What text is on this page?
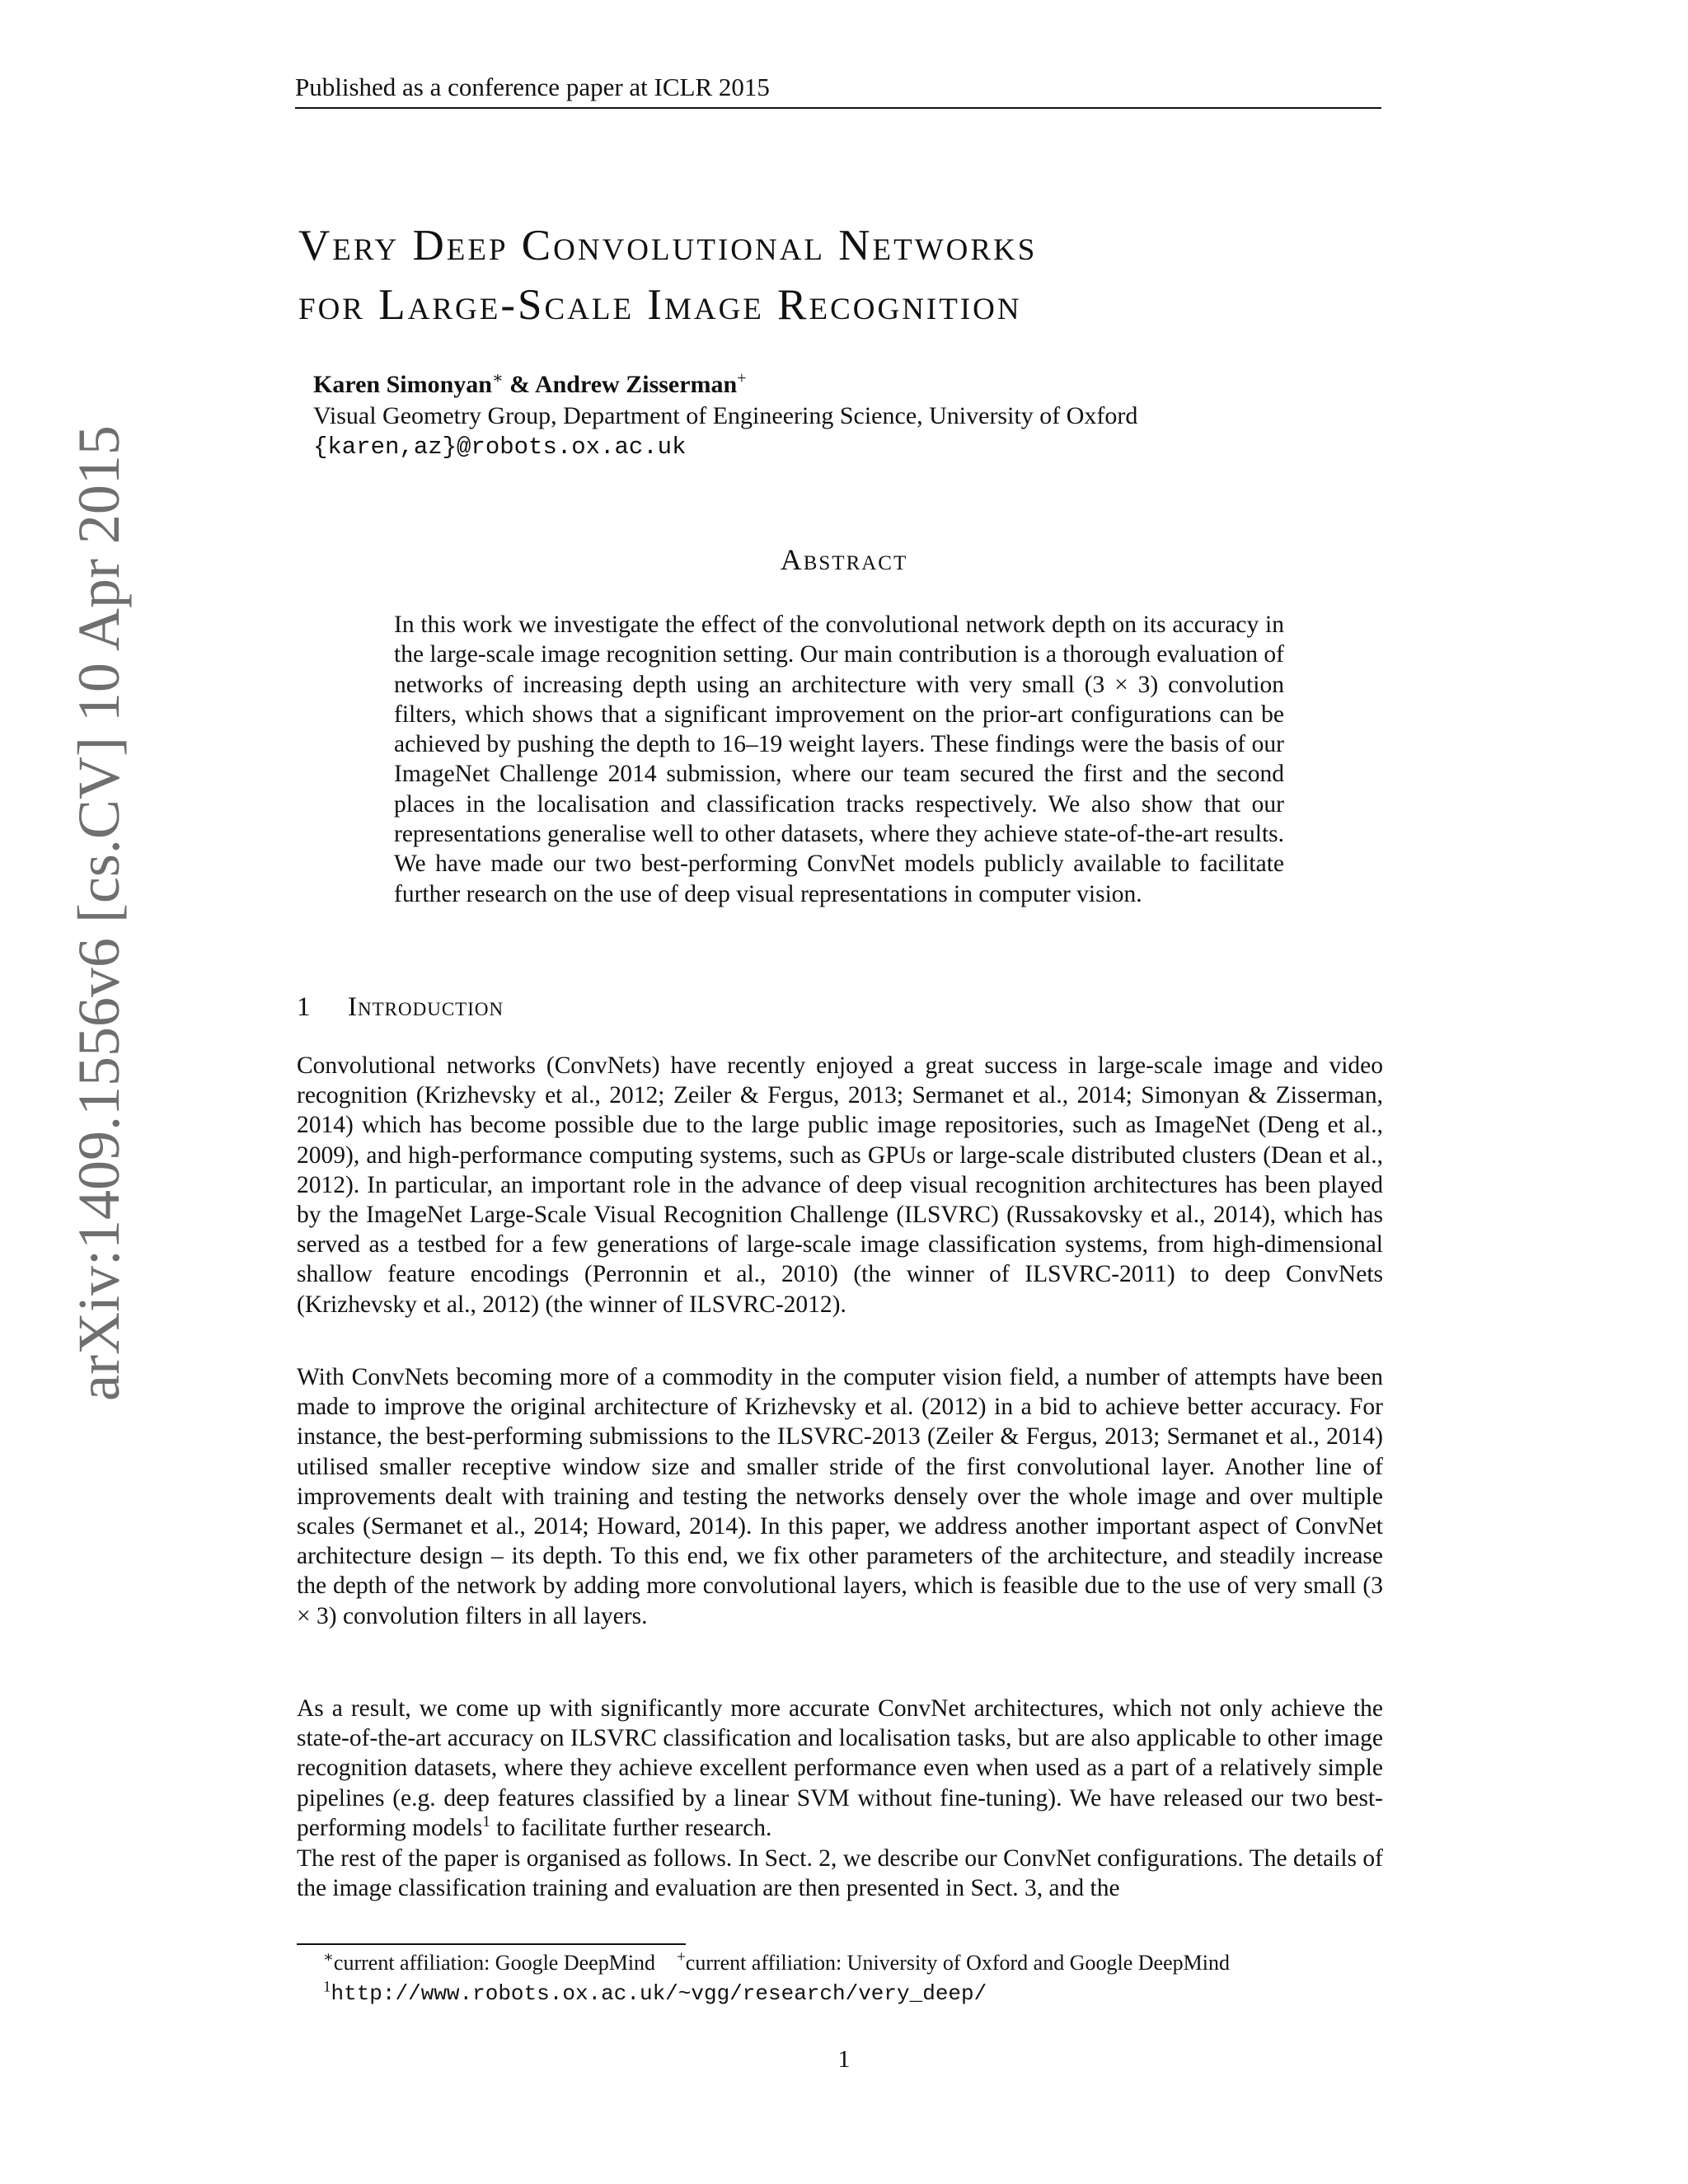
Published as a conference paper at ICLR 2015
arXiv:1409.1556v6 [cs.CV] 10 Apr 2015
Very Deep Convolutional Networks
for Large-Scale Image Recognition
Karen Simonyan∗ & Andrew Zisserman+
Visual Geometry Group, Department of Engineering Science, University of Oxford
{karen,az}@robots.ox.ac.uk
Abstract
In this work we investigate the effect of the convolutional network depth on its accuracy in the large-scale image recognition setting. Our main contribution is a thorough evaluation of networks of increasing depth using an architecture with very small (3 × 3) convolution filters, which shows that a significant improvement on the prior-art configurations can be achieved by pushing the depth to 16–19 weight layers. These findings were the basis of our ImageNet Challenge 2014 submission, where our team secured the first and the second places in the localisation and classification tracks respectively. We also show that our representations generalise well to other datasets, where they achieve state-of-the-art results. We have made our two best-performing ConvNet models publicly available to facilitate further research on the use of deep visual representations in computer vision.
1 Introduction

Convolutional networks (ConvNets) have recently enjoyed a great success in large-scale image and video recognition (Krizhevsky et al., 2012; Zeiler & Fergus, 2013; Sermanet et al., 2014; Simonyan & Zisserman, 2014) which has become possible due to the large public image repositories, such as ImageNet (Deng et al., 2009), and high-performance computing systems, such as GPUs or large-scale distributed clusters (Dean et al., 2012). In particular, an important role in the advance of deep visual recognition architectures has been played by the ImageNet Large-Scale Visual Recognition Challenge (ILSVRC) (Russakovsky et al., 2014), which has served as a testbed for a few generations of large-scale image classification systems, from high-dimensional shallow feature encodings (Perronnin et al., 2010) (the winner of ILSVRC-2011) to deep ConvNets (Krizhevsky et al., 2012) (the winner of ILSVRC-2012).

With ConvNets becoming more of a commodity in the computer vision field, a number of attempts have been made to improve the original architecture of Krizhevsky et al. (2012) in a bid to achieve better accuracy. For instance, the best-performing submissions to the ILSVRC-2013 (Zeiler & Fergus, 2013; Sermanet et al., 2014) utilised smaller receptive window size and smaller stride of the first convolutional layer. Another line of improvements dealt with training and testing the networks densely over the whole image and over multiple scales (Sermanet et al., 2014; Howard, 2014). In this paper, we address another important aspect of ConvNet architecture design – its depth. To this end, we fix other parameters of the architecture, and steadily increase the depth of the network by adding more convolutional layers, which is feasible due to the use of very small (3 × 3) convolution filters in all layers.

As a result, we come up with significantly more accurate ConvNet architectures, which not only achieve the state-of-the-art accuracy on ILSVRC classification and localisation tasks, but are also applicable to other image recognition datasets, where they achieve excellent performance even when used as a part of a relatively simple pipelines (e.g. deep features classified by a linear SVM without fine-tuning). We have released our two best-performing models$^1$ to facilitate further research.

The rest of the paper is organised as follows. In Sect. 2, we describe our ConvNet configurations. The details of the image classification training and evaluation are then presented in Sect. 3, and the

∗current affiliation: Google DeepMind +current affiliation: University of Oxford and Google DeepMind
$^1$http://www.robots.ox.ac.uk/~vgg/research/very_deep/
1
